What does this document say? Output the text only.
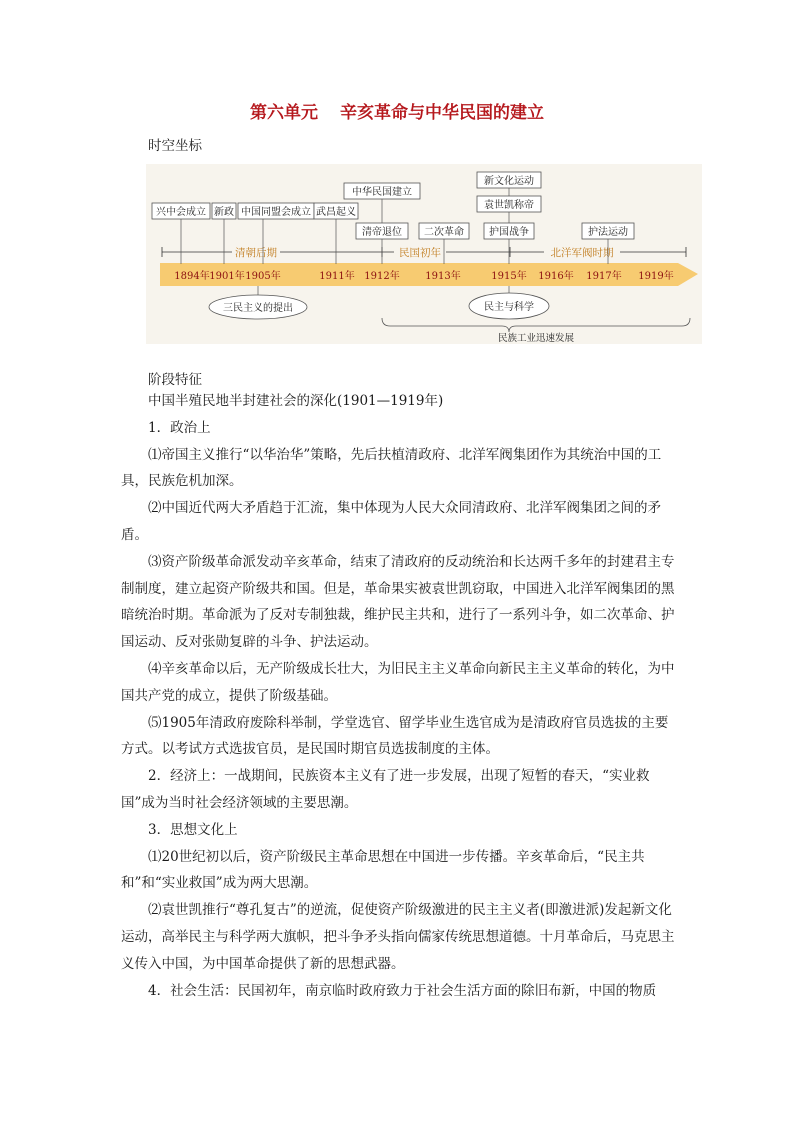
第六单元 辛亥革命与中华民国的建立
时空坐标
清朝后期	民国初年	北洋军阀时期
1894年 1901年 1905年	1911年 1912年	1913年	1915年 1916年 1917年 1919年
兴中会成立 新政 中国同盟会成立 武昌起义
中华民国建立
清帝退位 二次革命
新文化运动
袁世凯称帝
护国战争	护法运动
三民主义的提出	民主与科学
民族工业迅速发展
阶段特征

中国半殖民地半封建社会的深化(1901—1919年)

1．政治上

⑴帝国主义推行“以华治华”策略，先后扶植清政府、北洋军阀集团作为其统治中国的工具，民族危机加深。

⑵中国近代两大矛盾趋于汇流，集中体现为人民大众同清政府、北洋军阀集团之间的矛盾。

⑶资产阶级革命派发动辛亥革命，结束了清政府的反动统治和长达两千多年的封建君主专制制度，建立起资产阶级共和国。但是，革命果实被袁世凯窃取，中国进入北洋军阀集团的黑暗统治时期。革命派为了反对专制独裁，维护民主共和，进行了一系列斗争，如二次革命、护国运动、反对张勋复辟的斗争、护法运动。

⑷辛亥革命以后，无产阶级成长壮大，为旧民主主义革命向新民主主义革命的转化，为中国共产党的成立，提供了阶级基础。

⑸1905年清政府废除科举制，学堂选官、留学毕业生选官成为是清政府官员选拔的主要方式。以考试方式选拔官员，是民国时期官员选拔制度的主体。

2．经济上：一战期间，民族资本主义有了进一步发展，出现了短暂的春天，“实业救国”成为当时社会经济领域的主要思潮。

3．思想文化上

⑴20世纪初以后，资产阶级民主革命思想在中国进一步传播。辛亥革命后，“民主共和”和“实业救国”成为两大思潮。

⑵袁世凯推行“尊孔复古”的逆流，促使资产阶级激进的民主主义者(即激进派)发起新文化运动，高举民主与科学两大旗帜，把斗争矛头指向儒家传统思想道德。十月革命后，马克思主义传入中国，为中国革命提供了新的思想武器。

4．社会生活：民国初年，南京临时政府致力于社会生活方面的除旧布新，中国的物质
